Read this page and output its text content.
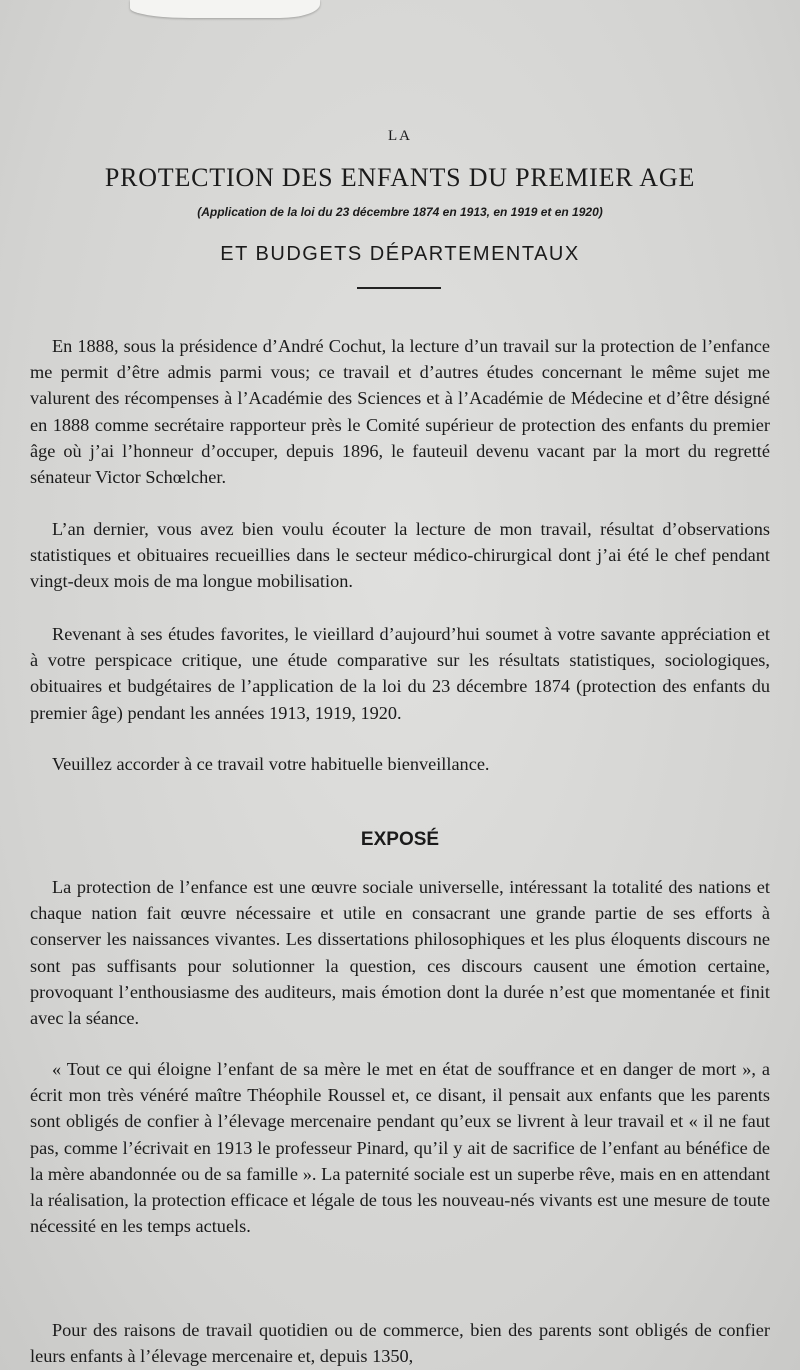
LA
PROTECTION DES ENFANTS DU PREMIER AGE
(Application de la loi du 23 décembre 1874 en 1913, en 1919 et en 1920)
ET BUDGETS DÉPARTEMENTAUX

En 1888, sous la présidence d’André Cochut, la lecture d’un travail sur la protection de l’enfance me permit d’être admis parmi vous; ce travail et d’autres études concernant le même sujet me valurent des récompenses à l’Académie des Sciences et à l’Académie de Médecine et d’être désigné en 1888 comme secrétaire rapporteur près le Comité supérieur de protection des enfants du premier âge où j’ai l’honneur d’occuper, depuis 1896, le fauteuil devenu vacant par la mort du regretté sénateur Victor Schœlcher.

L’an dernier, vous avez bien voulu écouter la lecture de mon travail, résultat d’observations statistiques et obituaires recueillies dans le secteur médico-chirurgical dont j’ai été le chef pendant vingt-deux mois de ma longue mobilisation.

Revenant à ses études favorites, le vieillard d’aujourd’hui soumet à votre savante appréciation et à votre perspicace critique, une étude comparative sur les résultats statistiques, sociologiques, obituaires et budgétaires de l’application de la loi du 23 décembre 1874 (protection des enfants du premier âge) pendant les années 1913, 1919, 1920.

Veuillez accorder à ce travail votre habituelle bienveillance.

EXPOSÉ

La protection de l’enfance est une œuvre sociale universelle, intéressant la totalité des nations et chaque nation fait œuvre nécessaire et utile en consacrant une grande partie de ses efforts à conserver les naissances vivantes. Les dissertations philosophiques et les plus éloquents discours ne sont pas suffisants pour solutionner la question, ces discours causent une émotion certaine, provoquant l’enthousiasme des auditeurs, mais émotion dont la durée n’est que momentanée et finit avec la séance.

« Tout ce qui éloigne l’enfant de sa mère le met en état de souffrance et en danger de mort », a écrit mon très vénéré maître Théophile Roussel et, ce disant, il pensait aux enfants que les parents sont obligés de confier à l’élevage mercenaire pendant qu’eux se livrent à leur travail et « il ne faut pas, comme l’écrivait en 1913 le professeur Pinard, qu’il y ait de sacrifice de l’enfant au bénéfice de la mère abandonnée ou de sa famille ». La paternité sociale est un superbe rêve, mais en en attendant la réalisation, la protection efficace et légale de tous les nouveau-nés vivants est une mesure de toute nécessité en les temps actuels.

Pour des raisons de travail quotidien ou de commerce, bien des parents sont obligés de confier leurs enfants à l’élevage mercenaire et, depuis 1350,
